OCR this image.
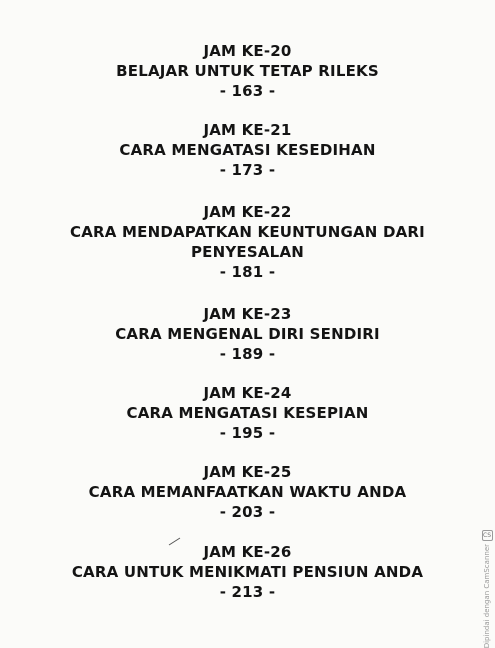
JAM KE-20
BELAJAR UNTUK TETAP RILEKS
- 163 -
JAM KE-21
CARA MENGATASI KESEDIHAN
- 173 -
JAM KE-22
CARA MENDAPATKAN KEUNTUNGAN DARI
PENYESALAN
- 181 -
JAM KE-23
CARA MENGENAL DIRI SENDIRI
- 189 -
JAM KE-24
CARA MENGATASI KESEPIAN
- 195 -
JAM KE-25
CARA MEMANFAATKAN WAKTU ANDA
- 203 -
JAM KE-26
CARA UNTUK MENIKMATI PENSIUN ANDA
- 213 -
CS
Dipindai dengan CamScanner
